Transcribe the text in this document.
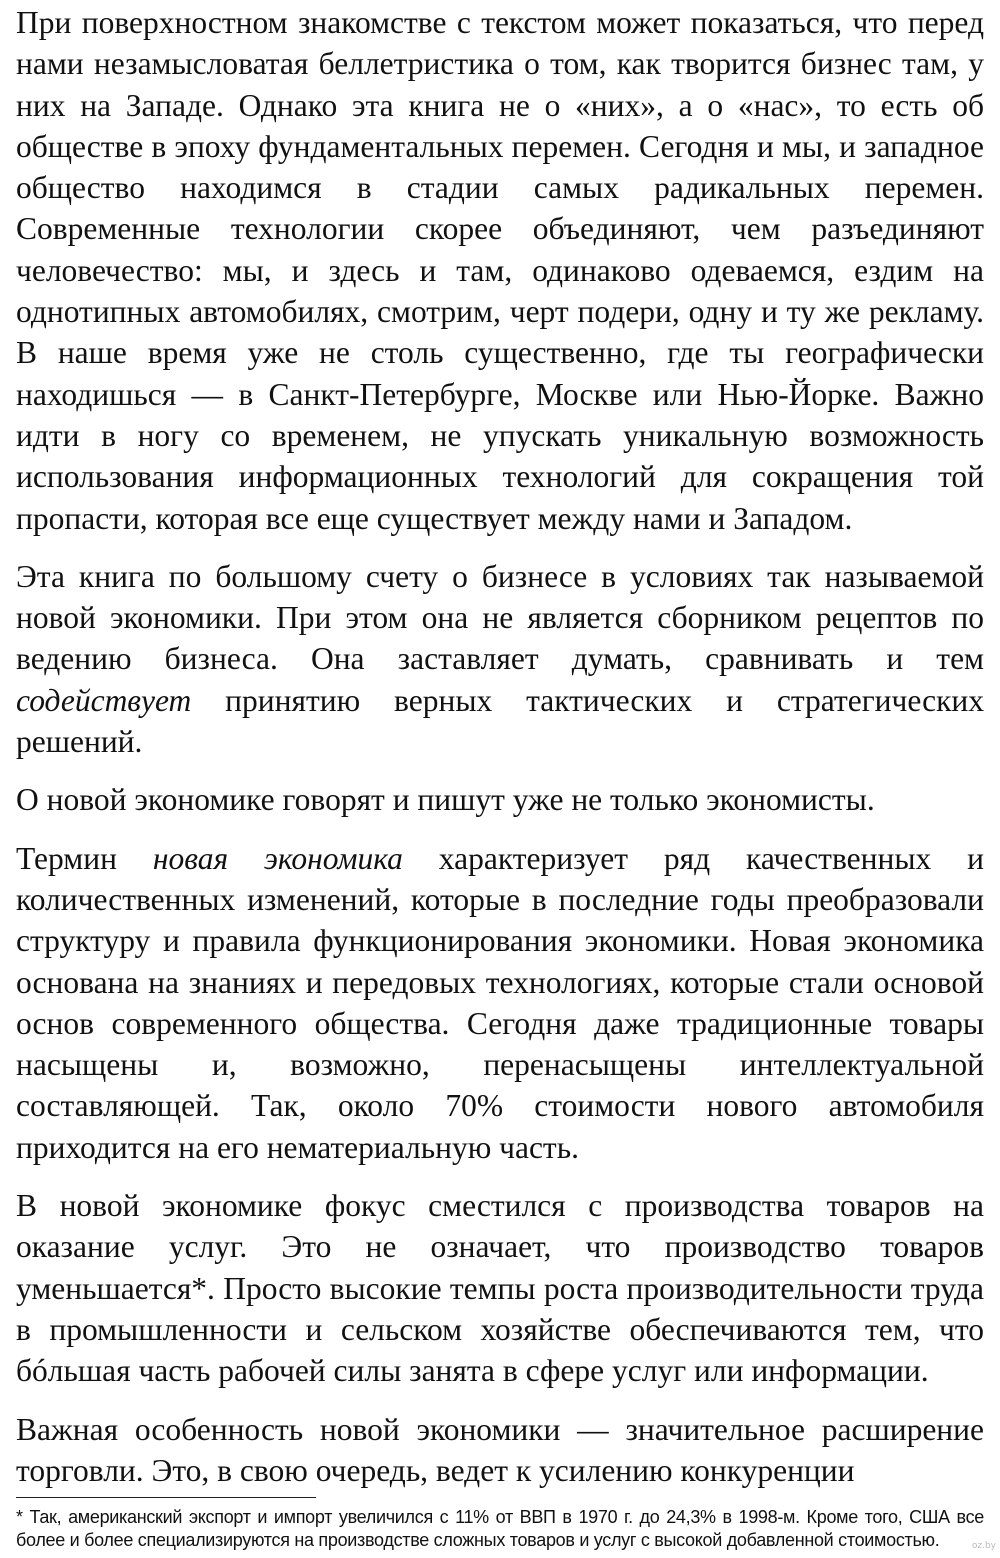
При поверхностном знакомстве с текстом может показаться, что перед нами незамысловатая беллетристика о том, как творится бизнес там, у них на Западе. Однако эта книга не о «них», а о «нас», то есть об обществе в эпоху фундаментальных перемен. Сегодня и мы, и западное общество находимся в стадии самых радикальных перемен. Современные технологии скорее объединяют, чем разъединяют человечество: мы, и здесь и там, одинаково одеваемся, ездим на однотипных автомобилях, смотрим, черт подери, одну и ту же рекламу. В наше время уже не столь существенно, где ты географически находишься — в Санкт-Петербурге, Москве или Нью-Йорке. Важно идти в ногу со временем, не упускать уникальную возможность использования информационных технологий для сокращения той пропасти, которая все еще существует между нами и Западом.

Эта книга по большому счету о бизнесе в условиях так называемой новой экономики. При этом она не является сборником рецептов по ведению бизнеса. Она заставляет думать, сравнивать и тем содействует принятию верных тактических и стратегических решений.

О новой экономике говорят и пишут уже не только экономисты.

Термин новая экономика характеризует ряд качественных и количественных изменений, которые в последние годы преобразовали структуру и правила функционирования экономики. Новая экономика основана на знаниях и передовых технологиях, которые стали основой основ современного общества. Сегодня даже традиционные товары насыщены и, возможно, перенасыщены интеллектуальной составляющей. Так, около 70% стоимости нового автомобиля приходится на его нематериальную часть.

В новой экономике фокус сместился с производства товаров на оказание услуг. Это не означает, что производство товаров уменьшается*. Просто высокие темпы роста производительности труда в промышленности и сельском хозяйстве обеспечиваются тем, что бóльшая часть рабочей силы занята в сфере услуг или информации.

Важная особенность новой экономики — значительное расширение торговли. Это, в свою очередь, ведет к усилению конкуренции

* Так, американский экспорт и импорт увеличился с 11% от ВВП в 1970 г. до 24,3% в 1998-м. Кроме того, США все более и более специализируются на производстве сложных товаров и услуг с высокой добавленной стоимостью.	oz.by
